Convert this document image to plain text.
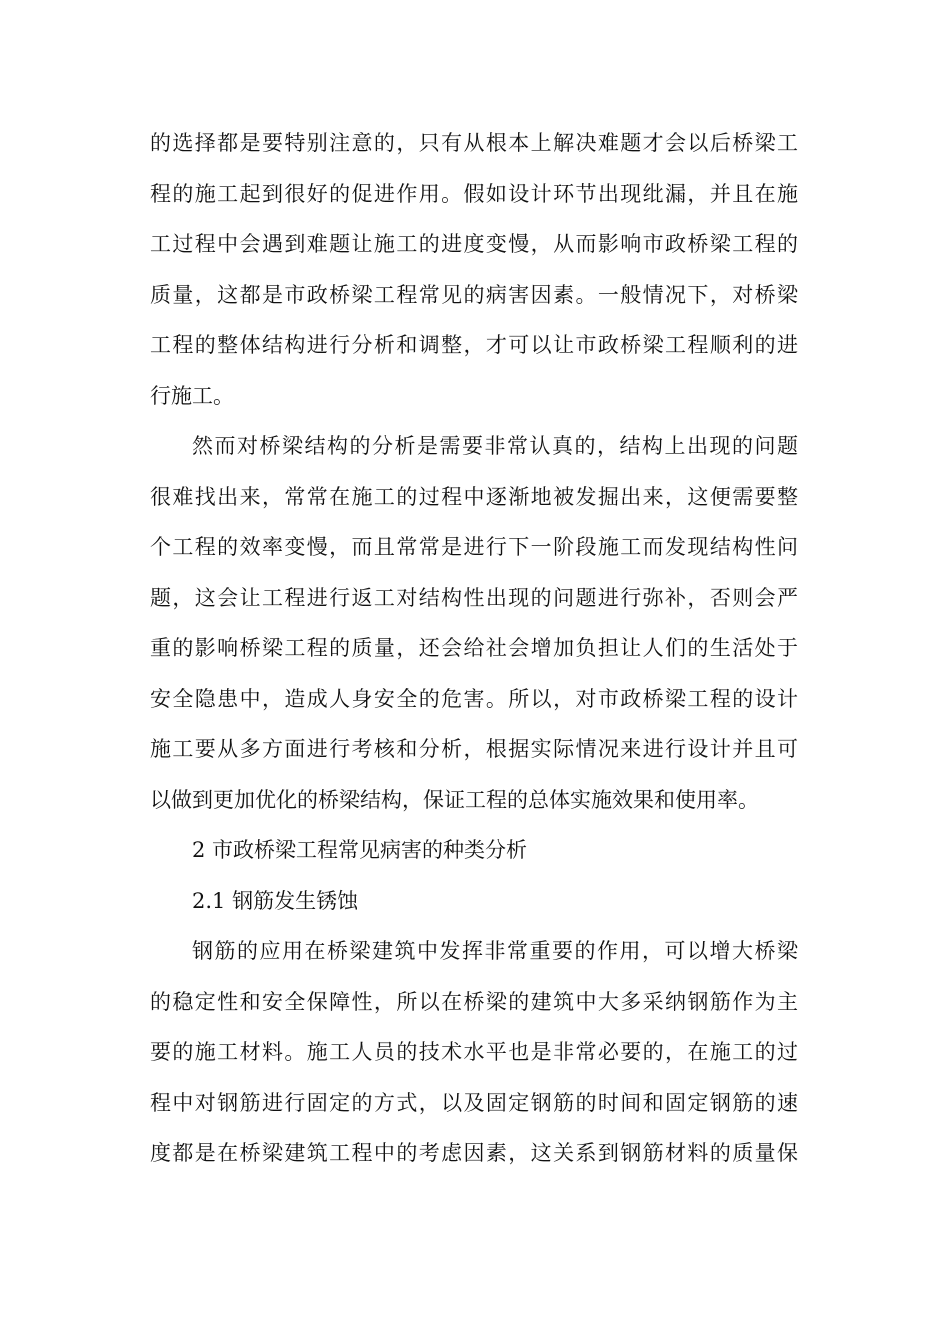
的选择都是要特别注意的，只有从根本上解决难题才会以后桥梁工
程的施工起到很好的促进作用。假如设计环节出现纰漏，并且在施
工过程中会遇到难题让施工的进度变慢，从而影响市政桥梁工程的
质量，这都是市政桥梁工程常见的病害因素。一般情况下，对桥梁
工程的整体结构进行分析和调整，才可以让市政桥梁工程顺利的进
行施工。
然而对桥梁结构的分析是需要非常认真的，结构上出现的问题
很难找出来，常常在施工的过程中逐渐地被发掘出来，这便需要整
个工程的效率变慢，而且常常是进行下一阶段施工而发现结构性问
题，这会让工程进行返工对结构性出现的问题进行弥补，否则会严
重的影响桥梁工程的质量，还会给社会增加负担让人们的生活处于
安全隐患中，造成人身安全的危害。所以，对市政桥梁工程的设计
施工要从多方面进行考核和分析，根据实际情况来进行设计并且可
以做到更加优化的桥梁结构，保证工程的总体实施效果和使用率。
2 市政桥梁工程常见病害的种类分析
2.1 钢筋发生锈蚀
钢筋的应用在桥梁建筑中发挥非常重要的作用，可以增大桥梁
的稳定性和安全保障性，所以在桥梁的建筑中大多采纳钢筋作为主
要的施工材料。施工人员的技术水平也是非常必要的，在施工的过
程中对钢筋进行固定的方式，以及固定钢筋的时间和固定钢筋的速
度都是在桥梁建筑工程中的考虑因素，这关系到钢筋材料的质量保
